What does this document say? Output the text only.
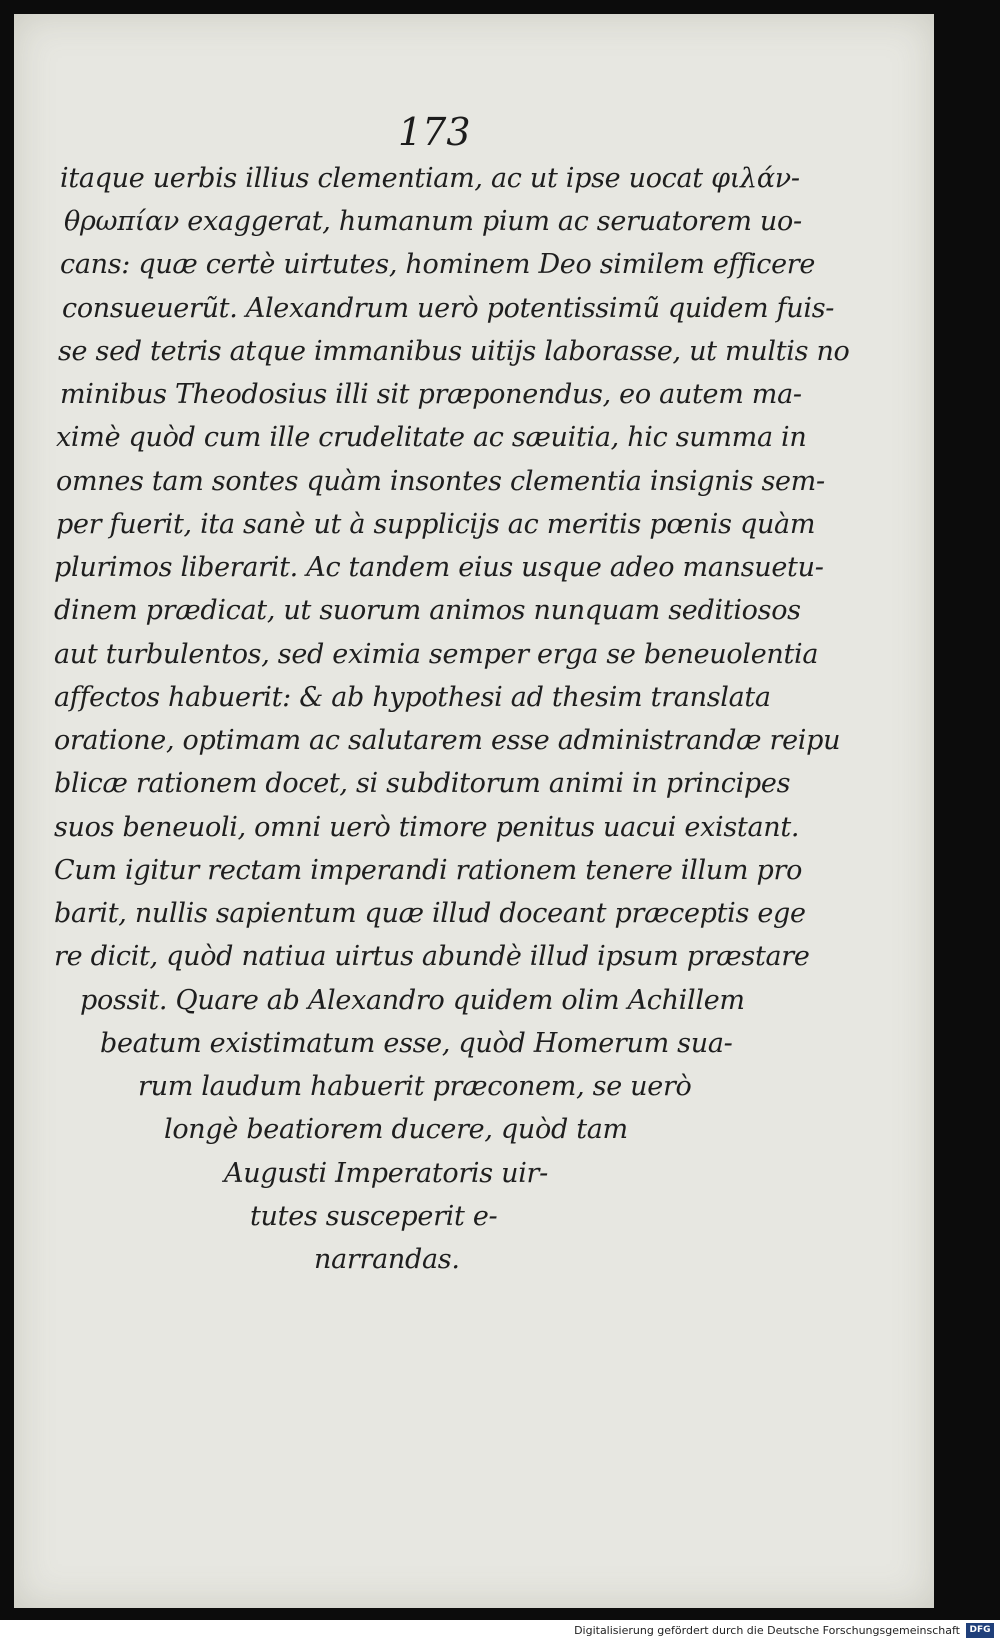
173
itaque uerbis illius clementiam, ac ut ipse uocat φιλάν-
θρωπίαν exaggerat, humanum pium ac seruatorem uo-
cans: quæ certè uirtutes, hominem Deo similem efficere
consueuerũt. Alexandrum uerò potentissimũ quidem fuis-
se sed tetris atque immanibus uitijs laborasse, ut multis no
minibus Theodosius illi sit præponendus, eo autem ma-
ximè quòd cum ille crudelitate ac sæuitia, hic summa in
omnes tam sontes quàm insontes clementia insignis sem-
per fuerit, ita sanè ut à supplicijs ac meritis pœnis quàm
plurimos liberarit. Ac tandem eius usque adeo mansuetu-
dinem prædicat, ut suorum animos nunquam seditiosos
aut turbulentos, sed eximia semper erga se beneuolentia
affectos habuerit: & ab hypothesi ad thesim translata
oratione, optimam ac salutarem esse administrandæ reipu
blicæ rationem docet, si subditorum animi in principes
suos beneuoli, omni uerò timore penitus uacui existant.
Cum igitur rectam imperandi rationem tenere illum pro
barit, nullis sapientum quæ illud doceant præceptis ege
re dicit, quòd natiua uirtus abundè illud ipsum præstare
possit. Quare ab Alexandro quidem olim Achillem
beatum existimatum esse, quòd Homerum sua-
rum laudum habuerit præconem, se uerò
longè beatiorem ducere, quòd tam
Augusti Imperatoris uir-
tutes susceperit e-
narrandas.
Digitalisierung gefördert durch die Deutsche Forschungsgemeinschaft	DFG
